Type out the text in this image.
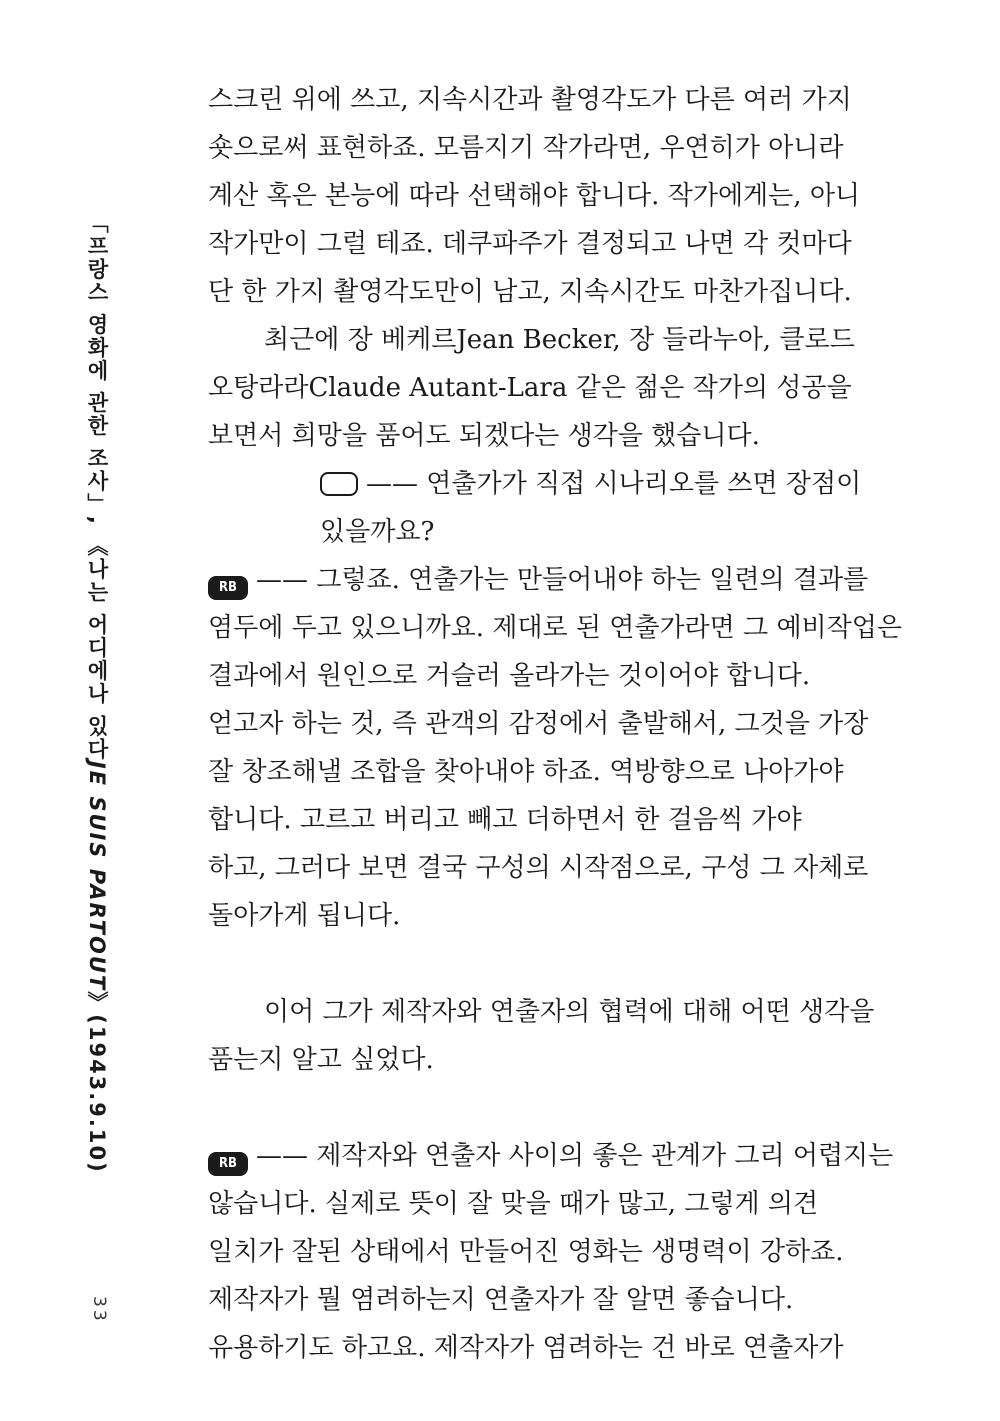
「프랑스 영화에 관한 조사」, 《나는 어디에나 있다JE SUIS PARTOUT》(1943.9.10)
33
스크린 위에 쓰고, 지속시간과 촬영각도가 다른 여러 가지
숏으로써 표현하죠. 모름지기 작가라면, 우연히가 아니라
계산 혹은 본능에 따라 선택해야 합니다. 작가에게는, 아니
작가만이 그럴 테죠. 데쿠파주가 결정되고 나면 각 컷마다
단 한 가지 촬영각도만이 남고, 지속시간도 마찬가집니다.
최근에 장 베케르Jean Becker, 장 들라누아, 클로드
오탕라라Claude Autant-Lara 같은 젊은 작가의 성공을
보면서 희망을 품어도 되겠다는 생각을 했습니다.
—— 연출가가 직접 시나리오를 쓰면 장점이
있을까요?
RB —— 그렇죠. 연출가는 만들어내야 하는 일련의 결과를
염두에 두고 있으니까요. 제대로 된 연출가라면 그 예비작업은
결과에서 원인으로 거슬러 올라가는 것이어야 합니다.
얻고자 하는 것, 즉 관객의 감정에서 출발해서, 그것을 가장
잘 창조해낼 조합을 찾아내야 하죠. 역방향으로 나아가야
합니다. 고르고 버리고 빼고 더하면서 한 걸음씩 가야
하고, 그러다 보면 결국 구성의 시작점으로, 구성 그 자체로
돌아가게 됩니다.
이어 그가 제작자와 연출자의 협력에 대해 어떤 생각을
품는지 알고 싶었다.
RB —— 제작자와 연출자 사이의 좋은 관계가 그리 어렵지는
않습니다. 실제로 뜻이 잘 맞을 때가 많고, 그렇게 의견
일치가 잘된 상태에서 만들어진 영화는 생명력이 강하죠.
제작자가 뭘 염려하는지 연출자가 잘 알면 좋습니다.
유용하기도 하고요. 제작자가 염려하는 건 바로 연출자가
